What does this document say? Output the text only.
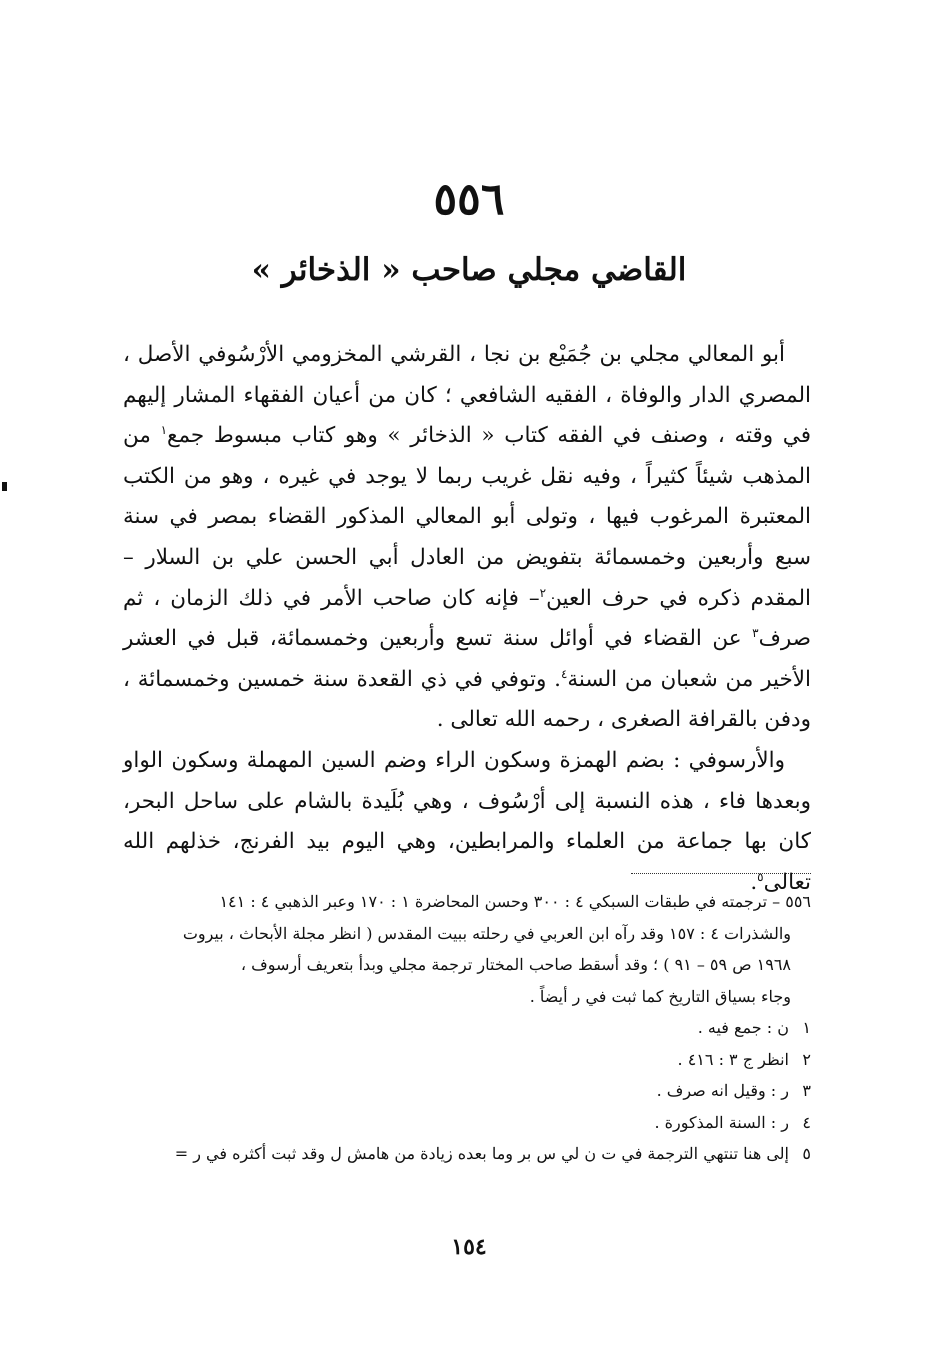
٥٥٦
القاضي مجلي صاحب « الذخائر »

أبو المعالي مجلي بن جُمَيْع بن نجا ، القرشي المخزومي الأرْسُوفي الأصل ، المصري الدار والوفاة ، الفقيه الشافعي ؛ كان من أعيان الفقهاء المشار إليهم في وقته ، وصنف في الفقه كتاب « الذخائر » وهو كتاب مبسوط جمع$^١$ من المذهب شيئاً كثيراً ، وفيه نقل غريب ربما لا يوجد في غيره ، وهو من الكتب المعتبرة المرغوب فيها ، وتولى أبو المعالي المذكور القضاء بمصر في سنة سبع وأربعين وخمسمائة بتفويض من العادل أبي الحسن علي بن السلار – المقدم ذكره في حرف العين$^٢$– فإنه كان صاحب الأمر في ذلك الزمان ، ثم صرف$^٣$ عن القضاء في أوائل سنة تسع وأربعين وخمسمائة، قبل في العشر الأخير من شعبان من السنة$^٤$. وتوفي في ذي القعدة سنة خمسين وخمسمائة ، ودفن بالقرافة الصغرى ، رحمه الله تعالى .

والأرسوفي : بضم الهمزة وسكون الراء وضم السين المهملة وسكون الواو وبعدها فاء ، هذه النسبة إلى أرْسُوف ، وهي بُلَيدة بالشام على ساحل البحر، كان بها جماعة من العلماء والمرابطين، وهي اليوم بيد الفرنج، خذلهم الله تعالى$^٥$.

٥٥٦ – ترجمته في طبقات السبكي ٤ : ٣٠٠ وحسن المحاضرة ١ : ١٧٠ وعبر الذهبي ٤ : ١٤١
والشذرات ٤ : ١٥٧ وقد رآه ابن العربي في رحلته ببيت المقدس ( انظر مجلة الأبحاث ، بيروت
١٩٦٨ ص ٥٩ – ٩١ ) ؛ وقد أسقط صاحب المختار ترجمة مجلي وبدأ بتعريف أرسوف ،
وجاء بسياق التاريخ كما ثبت في ر أيضاً .
١ن : جمع فيه .
٢انظر ج ٣ : ٤١٦ .
٣ر : وقيل انه صرف .
٤ر : السنة المذكورة .
٥إلى هنا تنتهي الترجمة في ت ن لي س بر وما بعده زيادة من هامش ل وقد ثبت أكثره في ر =
١٥٤
